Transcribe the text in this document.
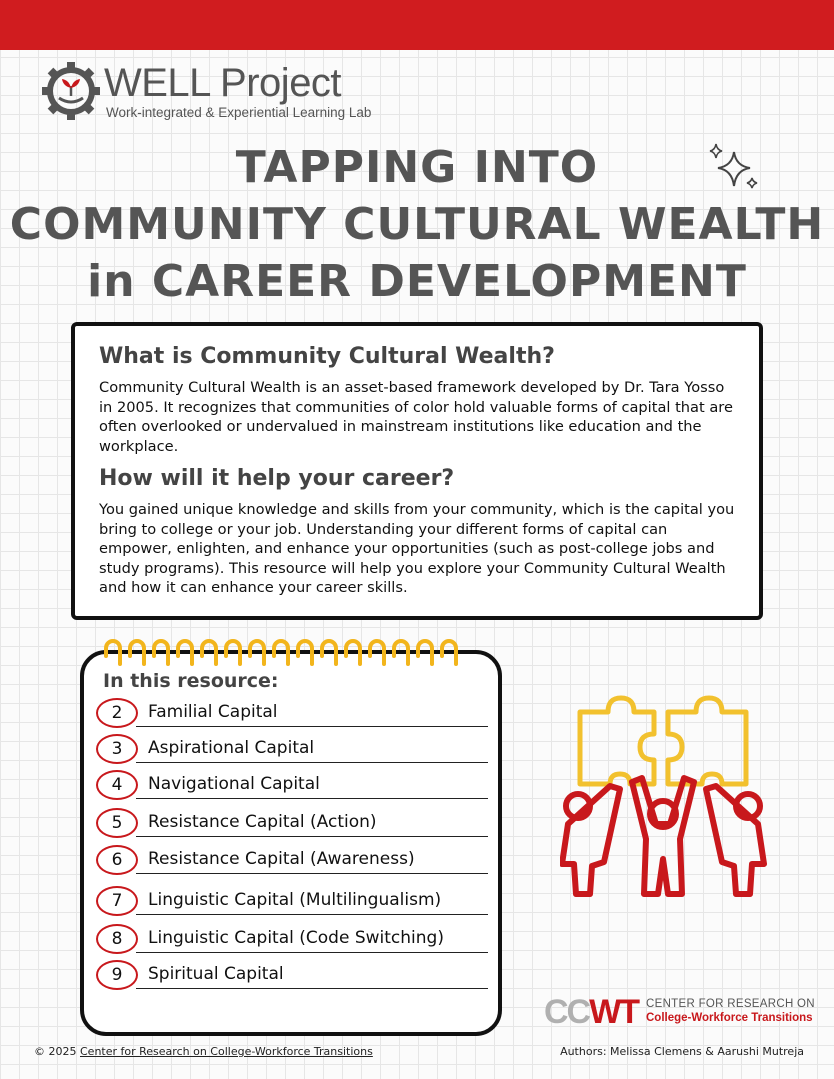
WELL Project
Work-integrated & Experiential Learning Lab
TAPPING INTO
COMMUNITY CULTURAL WEALTH
in CAREER DEVELOPMENT
What is Community Cultural Wealth?
Community Cultural Wealth is an asset-based framework developed by Dr. Tara Yosso in 2005. It recognizes that communities of color hold valuable forms of capital that are often overlooked or undervalued in mainstream institutions like education and the workplace.
How will it help your career?
You gained unique knowledge and skills from your community, which is the capital you bring to college or your job. Understanding your different forms of capital can empower, enlighten, and enhance your opportunities (such as post-college jobs and study programs). This resource will help you explore your Community Cultural Wealth and how it can enhance your career skills.
In this resource:
2	Familial Capital
3	Aspirational Capital
4	Navigational Capital
5	Resistance Capital (Action)
6	Resistance Capital (Awareness)
7	Linguistic Capital (Multilingualism)
8	Linguistic Capital (Code Switching)
9	Spiritual Capital
CCWT CENTER FOR RESEARCH ON
College-Workforce Transitions
© 2025 Center for Research on College-Workforce Transitions	Authors: Melissa Clemens & Aarushi Mutreja
